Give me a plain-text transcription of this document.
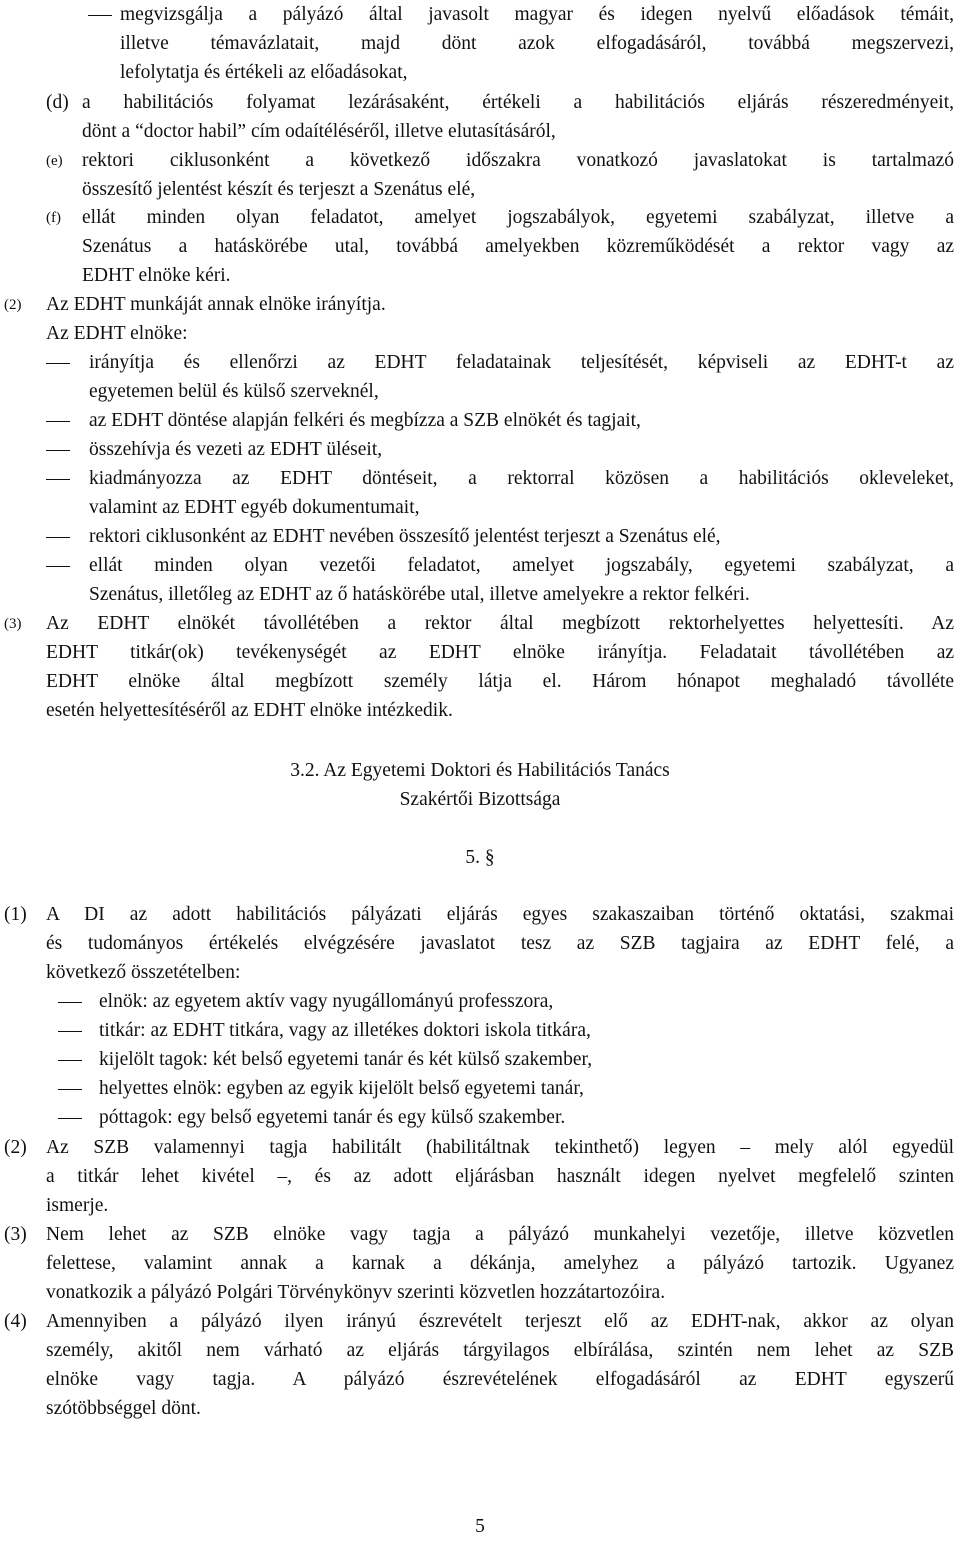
megvizsgálja a pályázó által javasolt magyar és idegen nyelvű előadások témáit,
illetve témavázlatait, majd dönt azok elfogadásáról, továbbá megszervezi,
lefolytatja és értékeli az előadásokat,
(d) a habilitációs folyamat lezárásaként, értékeli a habilitációs eljárás részeredményeit,
dönt a “doctor habil” cím odaítéléséről, illetve elutasításáról,
(e) rektori ciklusonként a következő időszakra vonatkozó javaslatokat is tartalmazó
összesítő jelentést készít és terjeszt a Szenátus elé,
(f) ellát minden olyan feladatot, amelyet jogszabályok, egyetemi szabályzat, illetve a
Szenátus a hatáskörébe utal, továbbá amelyekben közreműködését a rektor vagy az
EDHT elnöke kéri.
(2) Az EDHT munkáját annak elnöke irányítja.
Az EDHT elnöke:
irányítja és ellenőrzi az EDHT feladatainak teljesítését, képviseli az EDHT-t az
egyetemen belül és külső szerveknél,
az EDHT döntése alapján felkéri és megbízza a SZB elnökét és tagjait,
összehívja és vezeti az EDHT üléseit,
kiadmányozza az EDHT döntéseit, a rektorral közösen a habilitációs okleveleket,
valamint az EDHT egyéb dokumentumait,
rektori ciklusonként az EDHT nevében összesítő jelentést terjeszt a Szenátus elé,
ellát minden olyan vezetői feladatot, amelyet jogszabály, egyetemi szabályzat, a
Szenátus, illetőleg az EDHT az ő hatáskörébe utal, illetve amelyekre a rektor felkéri.
(3) Az EDHT elnökét távollétében a rektor által megbízott rektorhelyettes helyettesíti. Az
EDHT titkár(ok) tevékenységét az EDHT elnöke irányítja. Feladatait távollétében az
EDHT elnöke által megbízott személy látja el. Három hónapot meghaladó távolléte
esetén helyettesítéséről az EDHT elnöke intézkedik.
3.2. Az Egyetemi Doktori és Habilitációs Tanács
Szakértői Bizottsága
5. §
(1) A DI az adott habilitációs pályázati eljárás egyes szakaszaiban történő oktatási, szakmai
és tudományos értékelés elvégzésére javaslatot tesz az SZB tagjaira az EDHT felé, a
következő összetételben:
elnök: az egyetem aktív vagy nyugállományú professzora,
titkár: az EDHT titkára, vagy az illetékes doktori iskola titkára,
kijelölt tagok: két belső egyetemi tanár és két külső szakember,
helyettes elnök: egyben az egyik kijelölt belső egyetemi tanár,
póttagok: egy belső egyetemi tanár és egy külső szakember.
(2) Az SZB valamennyi tagja habilitált (habilitáltnak tekinthető) legyen – mely alól egyedül
a titkár lehet kivétel –, és az adott eljárásban használt idegen nyelvet megfelelő szinten
ismerje.
(3) Nem lehet az SZB elnöke vagy tagja a pályázó munkahelyi vezetője, illetve közvetlen
felettese, valamint annak a karnak a dékánja, amelyhez a pályázó tartozik. Ugyanez
vonatkozik a pályázó Polgári Törvénykönyv szerinti közvetlen hozzátartozóira.
(4) Amennyiben a pályázó ilyen irányú észrevételt terjeszt elő az EDHT-nak, akkor az olyan
személy, akitől nem várható az eljárás tárgyilagos elbírálása, szintén nem lehet az SZB
elnöke vagy tagja. A pályázó észrevételének elfogadásáról az EDHT egyszerű
szótöbbséggel dönt.
5
